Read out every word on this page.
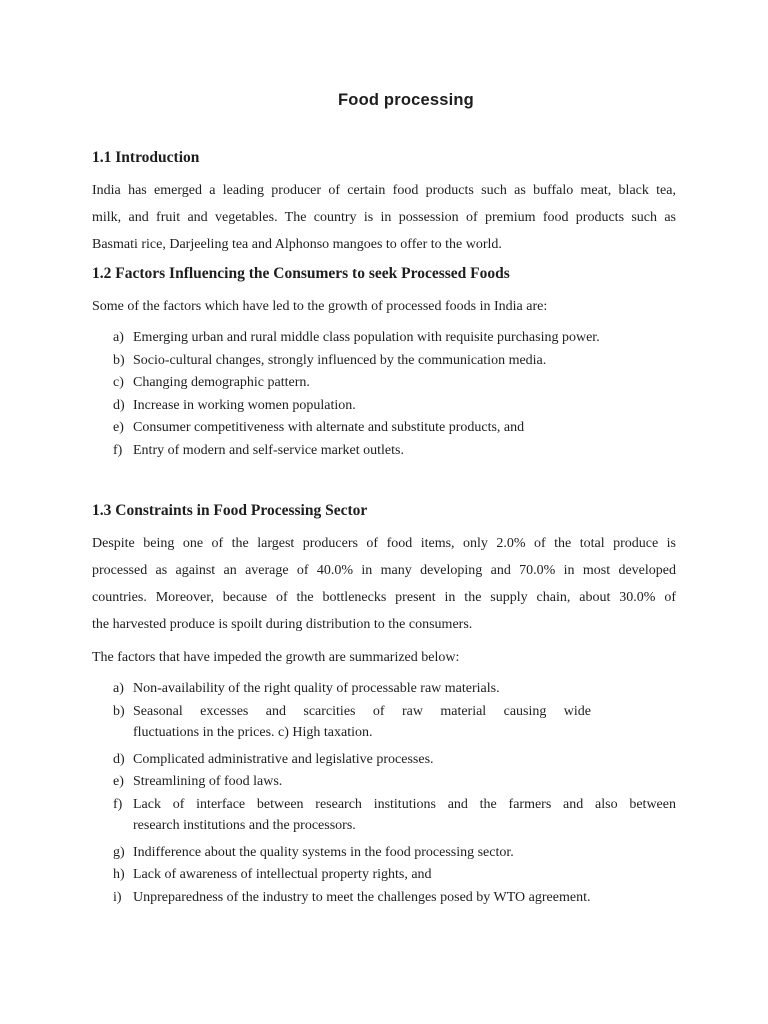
Food processing
1.1 Introduction

India has emerged a leading producer of certain food products such as buffalo meat, black tea,
milk, and fruit and vegetables. The country is in possession of premium food products such as
Basmati rice, Darjeeling tea and Alphonso mangoes to offer to the world.

1.2 Factors Influencing the Consumers to seek Processed Foods

Some of the factors which have led to the growth of processed foods in India are:

a) Emerging urban and rural middle class population with requisite purchasing power.
b) Socio-cultural changes, strongly influenced by the communication media.
c) Changing demographic pattern.
d) Increase in working women population.
e) Consumer competitiveness with alternate and substitute products, and
f) Entry of modern and self-service market outlets.
1.3 Constraints in Food Processing Sector

Despite being one of the largest producers of food items, only 2.0% of the total produce is
processed as against an average of 40.0% in many developing and 70.0% in most developed
countries. Moreover, because of the bottlenecks present in the supply chain, about 30.0% of
the harvested produce is spoilt during distribution to the consumers.

The factors that have impeded the growth are summarized below:

a) Non-availability of the right quality of processable raw materials.
b) Seasonal excesses and scarcities of raw material causing wide
fluctuations in the prices. c) High taxation.
d) Complicated administrative and legislative processes.
e) Streamlining of food laws.
f) Lack of interface between research institutions and the farmers and also between
research institutions and the processors.
g) Indifference about the quality systems in the food processing sector.
h) Lack of awareness of intellectual property rights, and
i) Unpreparedness of the industry to meet the challenges posed by WTO agreement.
